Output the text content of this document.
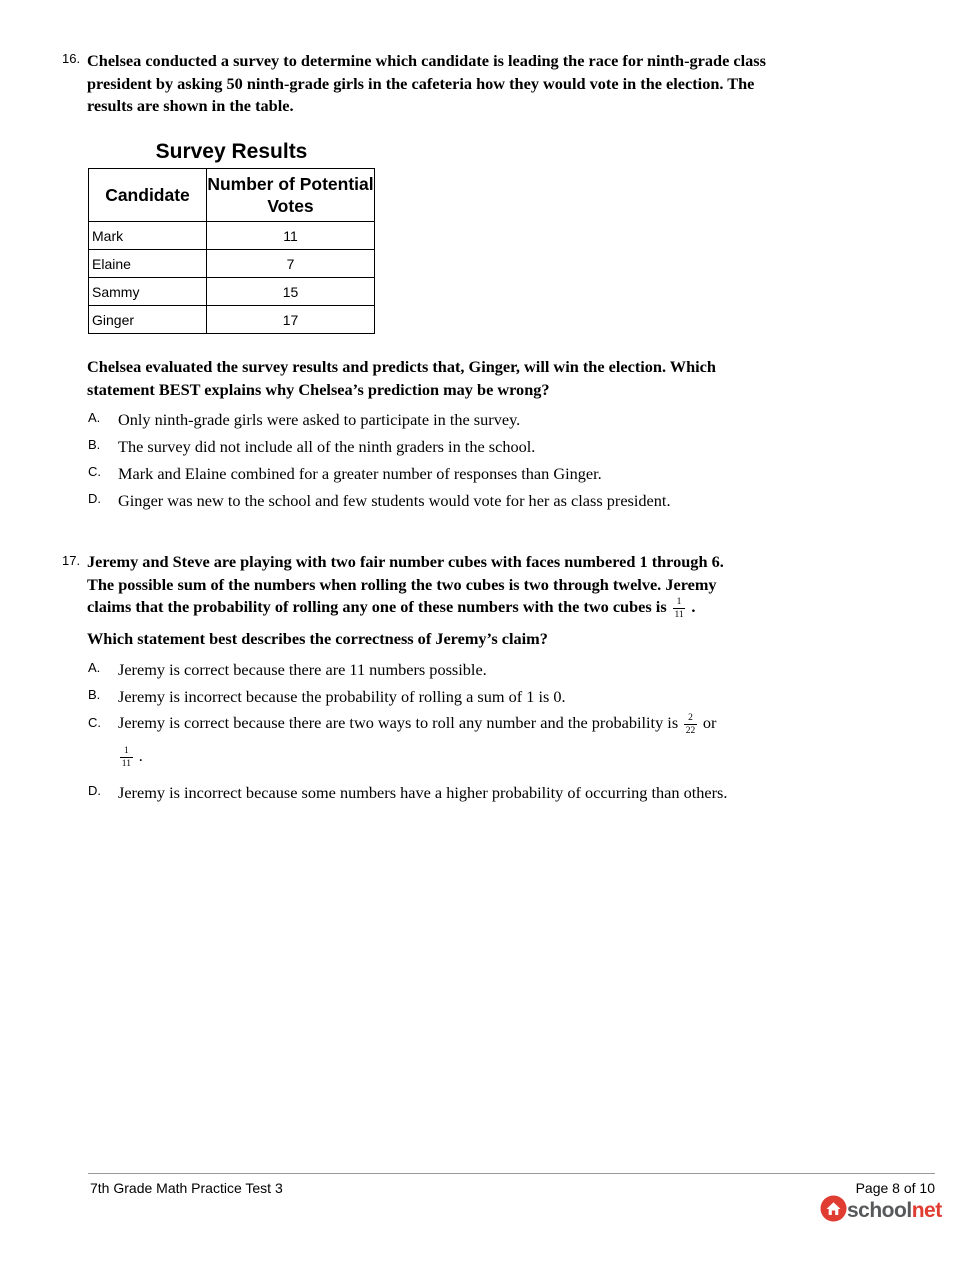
16. Chelsea conducted a survey to determine which candidate is leading the race for ninth-grade class president by asking 50 ninth-grade girls in the cafeteria how they would vote in the election. The results are shown in the table.
Survey Results
Candidate	Number of Potential Votes
Mark	11
Elaine	7
Sammy	15
Ginger	17
Chelsea evaluated the survey results and predicts that, Ginger, will win the election. Which statement BEST explains why Chelsea’s prediction may be wrong?
A. Only ninth-grade girls were asked to participate in the survey.
B. The survey did not include all of the ninth graders in the school.
C. Mark and Elaine combined for a greater number of responses than Ginger.
D. Ginger was new to the school and few students would vote for her as class president.
17. Jeremy and Steve are playing with two fair number cubes with faces numbered 1 through 6.
The possible sum of the numbers when rolling the two cubes is two through twelve. Jeremy
claims that the probability of rolling any one of these numbers with the two cubes is $\frac{1}{11}$ .
Which statement best describes the correctness of Jeremy’s claim?
A. Jeremy is correct because there are 11 numbers possible.
B. Jeremy is incorrect because the probability of rolling a sum of 1 is 0.
C. Jeremy is correct because there are two ways to roll any number and the probability is $\frac{2}{22}$ or
$\frac{1}{11}$ .
D. Jeremy is incorrect because some numbers have a higher probability of occurring than others.
7th Grade Math Practice Test 3	Page 8 of 10
schoolnet
